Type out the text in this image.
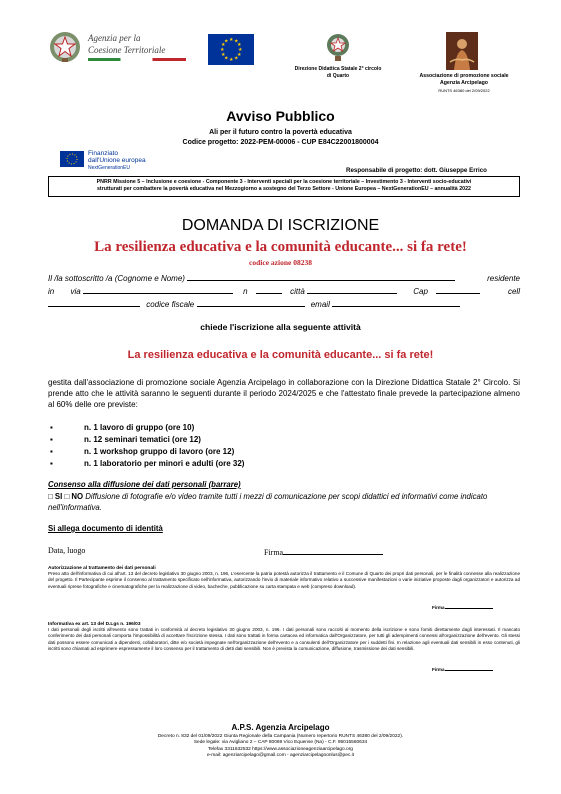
Agenzia per la
Coesione Territoriale
★ ★
★
★
★
★
★
★
★
★
★
★
Direzione Didattica Statale 2° circolo
di Quarto	Associazione di promozione sociale
Agenzia Arcipelago
RUNTS 46380 del 2/09/2022
Avviso Pubblico
Ali per il futuro contro la povertà educativa
Codice progetto: 2022-PEM-00006 - CUP E84C22001800004
Finanziato
dall'Unione europea
NextGenerationEU	Responsabile di progetto: dott. Giuseppe Errico
PNRR Missione 5 – Inclusione e coesione - Componente 3 - Interventi speciali per la coesione territoriale – Investimento 3 - Interventi socio-educativi
strutturati per combattere la povertà educativa nel Mezzogiorno a sostegno del Terzo Settore - Unione Europea – NextGenerationEU – annualità 2022
DOMANDA DI ISCRIZIONE
La resilienza educativa e la comunità educante... si fa rete!
codice azione 08238
Il /la sottoscritto /a (Cognome e Nome)	residente
in via	n	città	Cap	cell
codice fiscale	email
chiede l'iscrizione alla seguente attività
La resilienza educativa e la comunità educante... si fa rete!
gestita dall'associazione di promozione sociale Agenzia Arcipelago in collaborazione con la Direzione Didattica Statale 2° Circolo. Si prende atto che le attività saranno le seguenti durante il periodo 2024/2025 e che l'attestato finale prevede la partecipazione almeno al 60% delle ore previste:
▪ n. 1 lavoro di gruppo (ore 10)
▪ n. 12 seminari tematici (ore 12)
▪ n. 1 workshop gruppo di lavoro (ore 12)
▪ n. 1 laboratorio per minori e adulti (ore 32)
Consenso alla diffusione dei dati personali (barrare)
□ SI □ NO Diffusione di fotografie e/o video tramite tutti i mezzi di comunicazione per scopi didattici ed informativi come indicato nell'informativa.
Si allega documento di identità
Data, luogo	Firma
Autorizzazione al trattamento dei dati personali
Preso atto dell'informativa di cui all'art. 13 del decreto legislativo 30 giugno 2003, n. 196, L'esercente la patria potestà autorizza il trattamento e il Comune di Quarto dei propri dati personali, per le finalità connesse alla realizzazione del progetto. Il Partecipante esprime il consenso al trattamento specificato nell'informativa, autorizzando l'invio di materiale informativo relativo a successive manifestazioni o varie iniziative proposte dagli organizzatori e autorizza ad eventuali riprese fotografiche e cinematografiche per la realizzazione di video, bacheche, pubblicazione su carta stampata e web (compreso download).
Firma
Informativa ex art. 13 del D.Lgs n. 196/03
I dati personali degli iscritti all'evento sono trattati in conformità al decreto legislativo 30 giugno 2003, n. 196. I dati personali sono raccolti al momento della iscrizione e sono forniti direttamente dagli interessati. Il mancato conferimento dei dati personali comporta l'impossibilità di accettare l'iscrizione stessa. I dati sono trattati in forma cartacea ed informatica dall'Organizzatore, per tutti gli adempimenti connessi all'organizzazione dell'evento. Gli stessi dati possono essere comunicati a dipendenti, collaboratori, ditte e/o società impegnate nell'organizzazione dell'evento e a consulenti dell'Organizzatore per i suddetti fini. In relazione agli eventuali dati sensibili in esso contenuti, gli iscritti sono chiamati ad esprimere espressamente il loro consenso per il trattamento di detti dati sensibili. Non è prevista la comunicazione, diffusione, trasmissione dei dati sensibili.
Firma
A.P.S. Agenzia Arcipelago
Decreto n. 832 del 01/09/2022 Giunta Regionale della Campania (Numero repertorio RUNTS 46380 del 2/09/2022).
Sede legale: via Avigliano 2 – CAP 80069 Vico Equense (Na) - C.F. 95015560634
Telefax 3311632532 https://www.associazioneagenziaarcipelago.org
e-mail: agenziarcipelago@gmail.com - agenziarcipelagoonlus@pec.it
